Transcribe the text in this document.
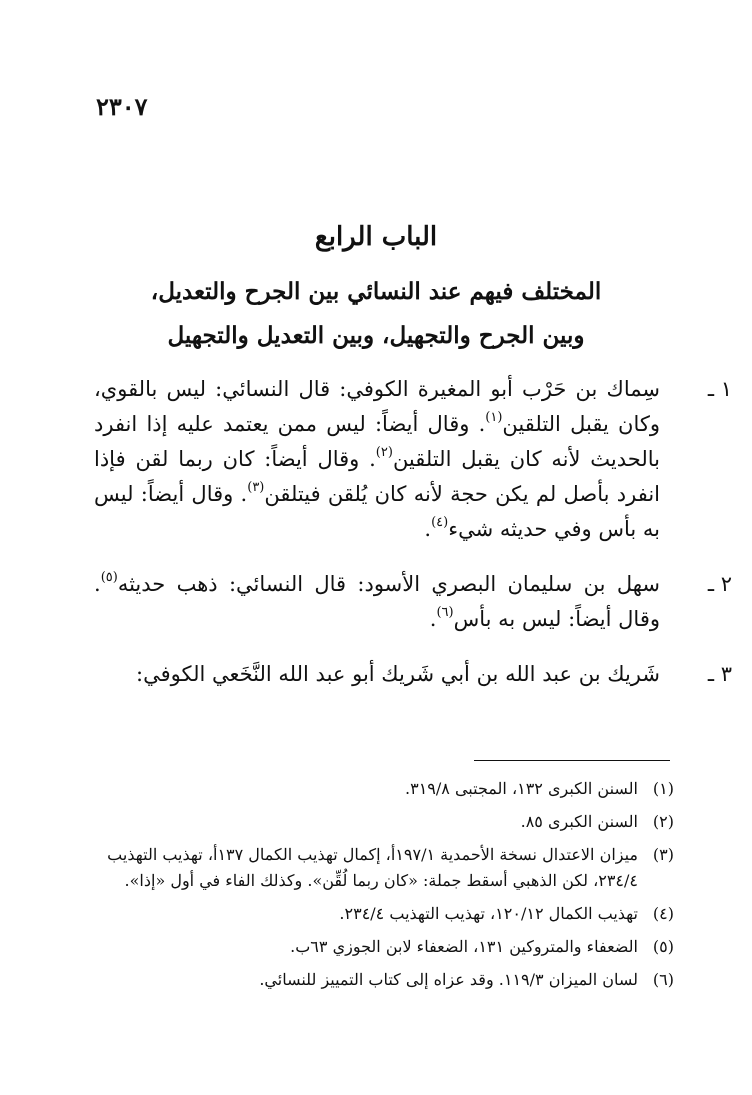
٢٣٠٧
الباب الرابع
المختلف فيهم عند النسائي بين الجرح والتعديل،
وبين الجرح والتجهيل، وبين التعديل والتجهيل
١ ـ
سِماك بن حَرْب أبو المغيرة الكوفي: قال النسائي: ليس بالقوي، وكان يقبل التلقين$^{(١)}$. وقال أيضاً: ليس ممن يعتمد عليه إذا انفرد بالحديث لأنه كان يقبل التلقين$^{(٢)}$. وقال أيضاً: كان ربما لقن فإذا انفرد بأصل لم يكن حجة لأنه كان يُلقن فيتلقن$^{(٣)}$. وقال أيضاً: ليس به بأس وفي حديثه شيء$^{(٤)}$.
٢ ـ
سهل بن سليمان البصري الأسود: قال النسائي: ذهب حديثه$^{(٥)}$. وقال أيضاً: ليس به بأس$^{(٦)}$.
٣ ـ
شَريك بن عبد الله بن أبي شَريك أبو عبد الله النَّخَعي الكوفي:
(١)
السنن الكبرى ١٣٢، المجتبى ٣١٩/٨.
(٢)
السنن الكبرى ٨٥.
(٣)
ميزان الاعتدال نسخة الأحمدية ١٩٧/١أ، إكمال تهذيب الكمال ١٣٧أ، تهذيب التهذيب ٢٣٤/٤، لكن الذهبي أسقط جملة: «كان ربما لُقِّن». وكذلك الفاء في أول «إذا».
(٤)
تهذيب الكمال ١٢٠/١٢، تهذيب التهذيب ٢٣٤/٤.
(٥)
الضعفاء والمتروكين ١٣١، الضعفاء لابن الجوزي ٦٣ب.
(٦)
لسان الميزان ١١٩/٣. وقد عزاه إلى كتاب التمييز للنسائي.
